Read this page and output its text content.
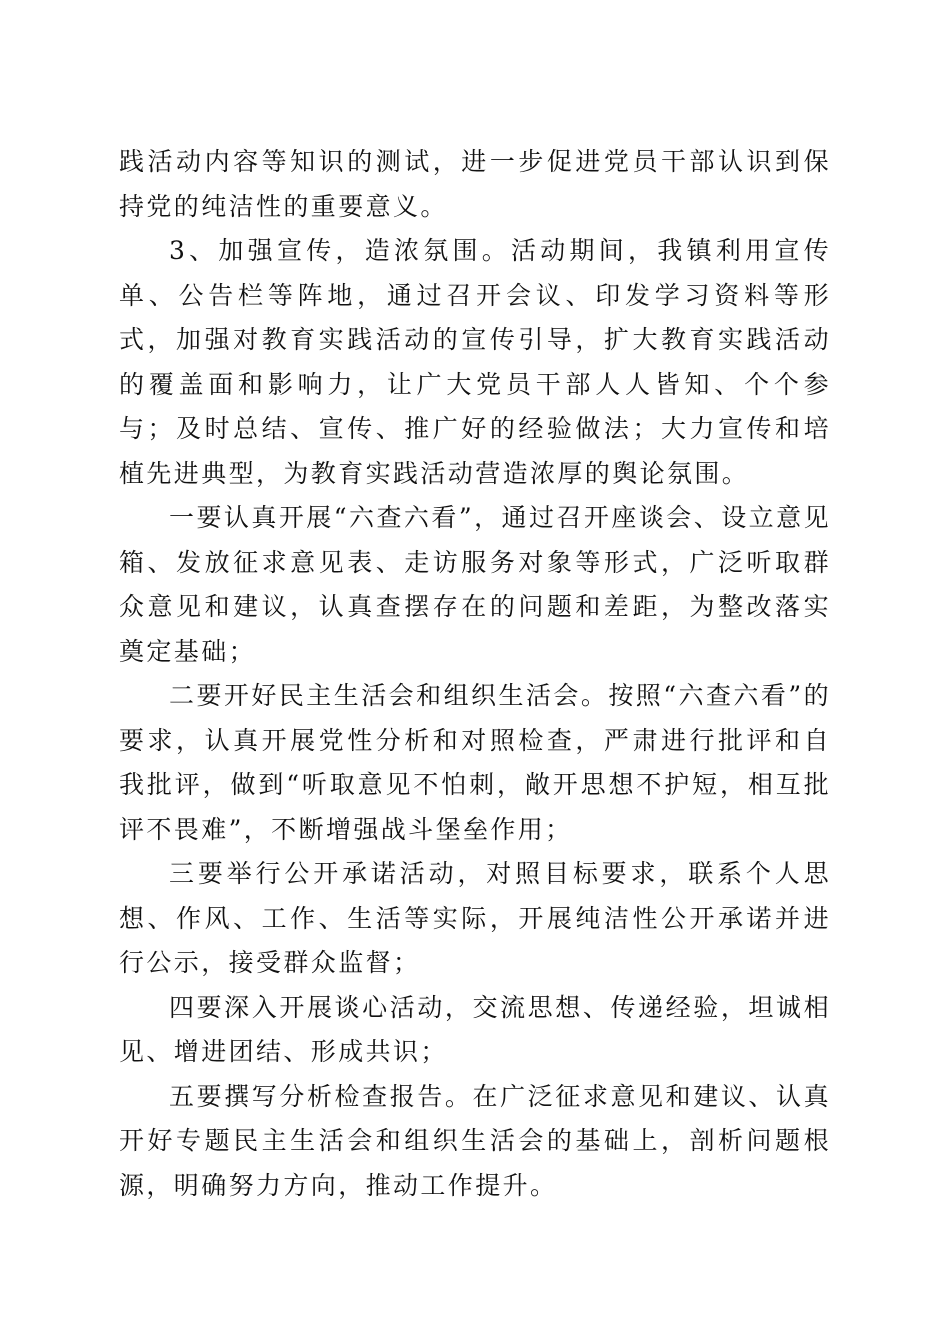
践活动内容等知识的测试，进一步促进党员干部认识到保持党的纯洁性的重要意义。

3、加强宣传，造浓氛围。活动期间，我镇利用宣传单、公告栏等阵地，通过召开会议、印发学习资料等形式，加强对教育实践活动的宣传引导，扩大教育实践活动的覆盖面和影响力，让广大党员干部人人皆知、个个参与；及时总结、宣传、推广好的经验做法；大力宣传和培植先进典型，为教育实践活动营造浓厚的舆论氛围。

一要认真开展“六查六看”，通过召开座谈会、设立意见箱、发放征求意见表、走访服务对象等形式，广泛听取群众意见和建议，认真查摆存在的问题和差距，为整改落实奠定基础；

二要开好民主生活会和组织生活会。按照“六查六看”的要求，认真开展党性分析和对照检查，严肃进行批评和自我批评，做到“听取意见不怕刺，敞开思想不护短，相互批评不畏难”，不断增强战斗堡垒作用；

三要举行公开承诺活动，对照目标要求，联系个人思想、作风、工作、生活等实际，开展纯洁性公开承诺并进行公示，接受群众监督；

四要深入开展谈心活动，交流思想、传递经验，坦诚相见、增进团结、形成共识；

五要撰写分析检查报告。在广泛征求意见和建议、认真开好专题民主生活会和组织生活会的基础上，剖析问题根源，明确努力方向，推动工作提升。
